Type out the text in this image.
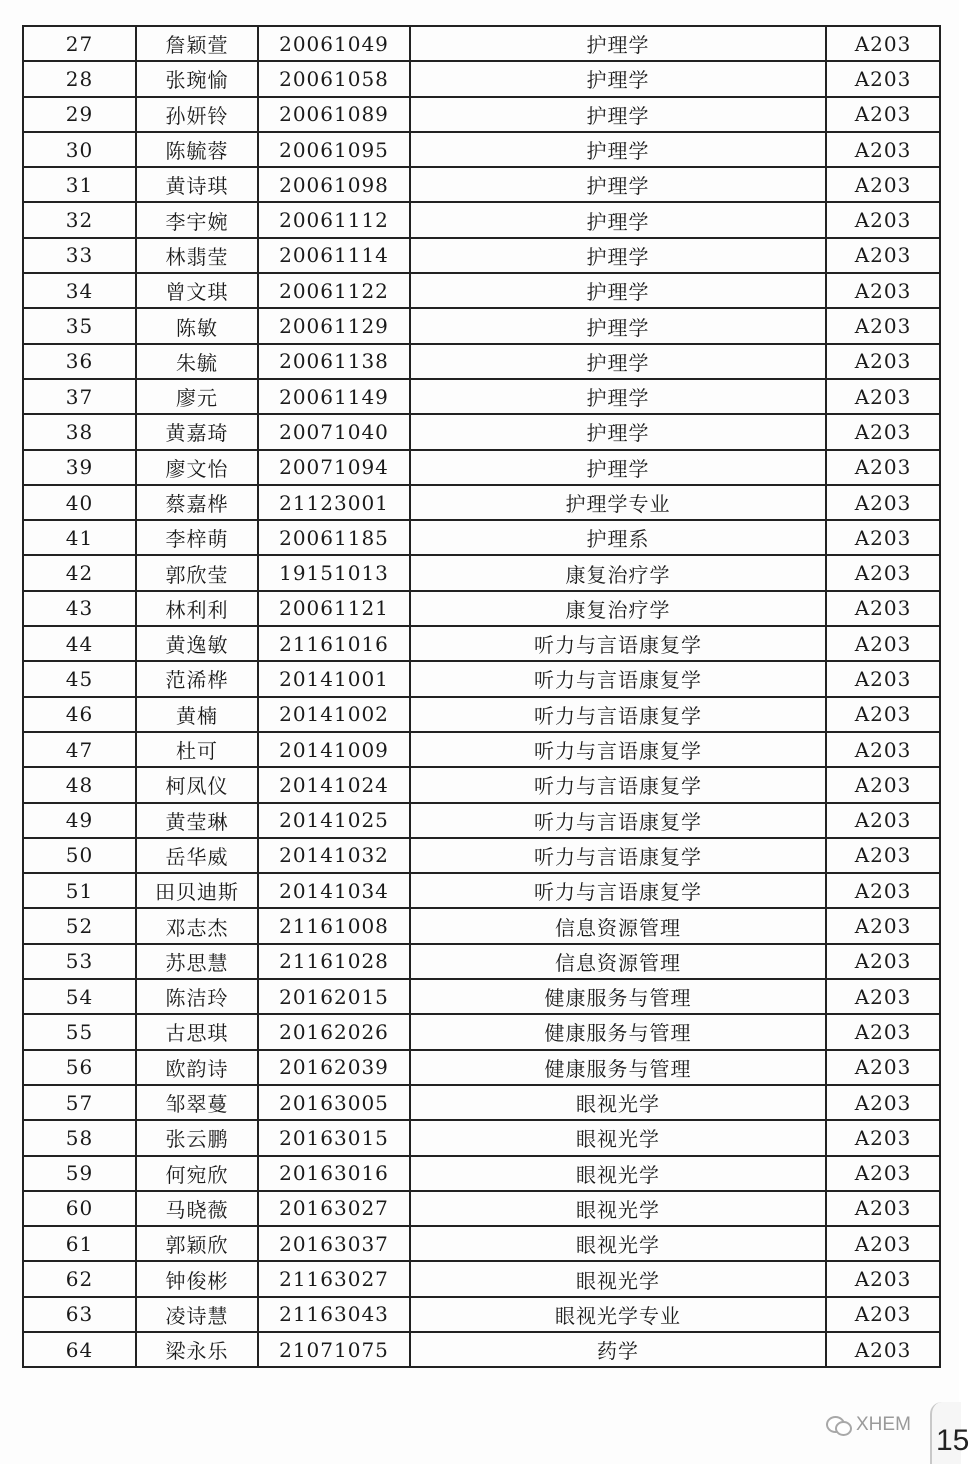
27	詹颖萱	20061049	护理学	A203
28	张琬愉	20061058	护理学	A203
29	孙妍铃	20061089	护理学	A203
30	陈毓蓉	20061095	护理学	A203
31	黄诗琪	20061098	护理学	A203
32	李宇婉	20061112	护理学	A203
33	林翡莹	20061114	护理学	A203
34	曾文琪	20061122	护理学	A203
35	陈敏	20061129	护理学	A203
36	朱毓	20061138	护理学	A203
37	廖元	20061149	护理学	A203
38	黄嘉琦	20071040	护理学	A203
39	廖文怡	20071094	护理学	A203
40	蔡嘉桦	21123001	护理学专业	A203
41	李梓萌	20061185	护理系	A203
42	郭欣莹	19151013	康复治疗学	A203
43	林利利	20061121	康复治疗学	A203
44	黄逸敏	21161016	听力与言语康复学	A203
45	范浠桦	20141001	听力与言语康复学	A203
46	黄楠	20141002	听力与言语康复学	A203
47	杜可	20141009	听力与言语康复学	A203
48	柯凤仪	20141024	听力与言语康复学	A203
49	黄莹琳	20141025	听力与言语康复学	A203
50	岳华威	20141032	听力与言语康复学	A203
51	田贝迪斯	20141034	听力与言语康复学	A203
52	邓志杰	21161008	信息资源管理	A203
53	苏思慧	21161028	信息资源管理	A203
54	陈洁玲	20162015	健康服务与管理	A203
55	古思琪	20162026	健康服务与管理	A203
56	欧韵诗	20162039	健康服务与管理	A203
57	邹翠蔓	20163005	眼视光学	A203
58	张云鹏	20163015	眼视光学	A203
59	何宛欣	20163016	眼视光学	A203
60	马晓薇	20163027	眼视光学	A203
61	郭颖欣	20163037	眼视光学	A203
62	钟俊彬	21163027	眼视光学	A203
63	凌诗慧	21163043	眼视光学专业	A203
64	梁永乐	21071075	药学	A203
XHEM 15
